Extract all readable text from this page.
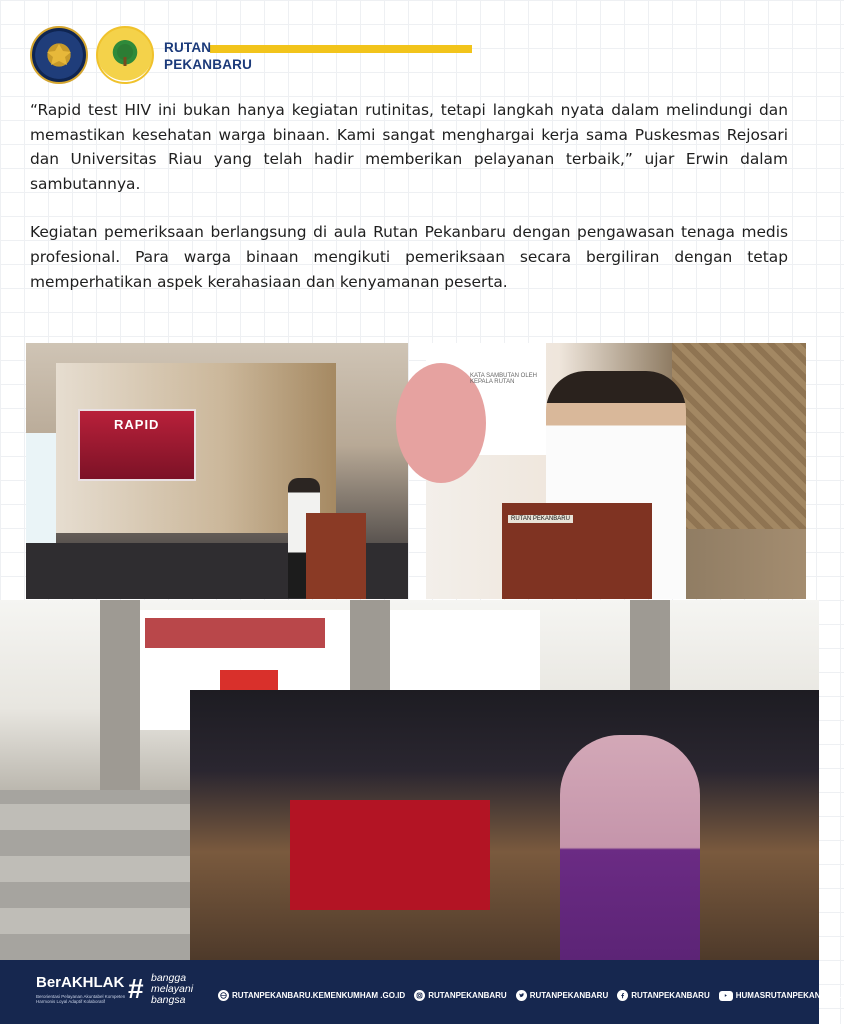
RUTAN
PEKANBARU

“Rapid test HIV ini bukan hanya kegiatan rutinitas, tetapi langkah nyata dalam melindungi dan memastikan kesehatan warga binaan. Kami sangat menghargai kerja sama Puskesmas Rejosari dan Universitas Riau yang telah hadir memberikan pelayanan terbaik,” ujar Erwin dalam sambutannya.

Kegiatan pemeriksaan berlangsung di aula Rutan Pekanbaru dengan pengawasan tenaga medis profesional. Para warga binaan mengikuti pemeriksaan secara bergiliran dengan tetap memperhatikan aspek kerahasiaan dan kenyamanan peserta.

RAPID
KATA SAMBUTAN OLEH KEPALA RUTAN
RUTAN PEKANBARU
BerAKHLAK
Berorientasi Pelayanan Akuntabel Kompeten Harmonis Loyal Adaptif Kolaboratif # bangga
melayani
bangsa	RUTANPEKANBARU.KEMENKUMHAM .GO.ID	RUTANPEKANBARU	RUTANPEKANBARU	RUTANPEKANBARU	HUMASRUTANPEKANBARU
